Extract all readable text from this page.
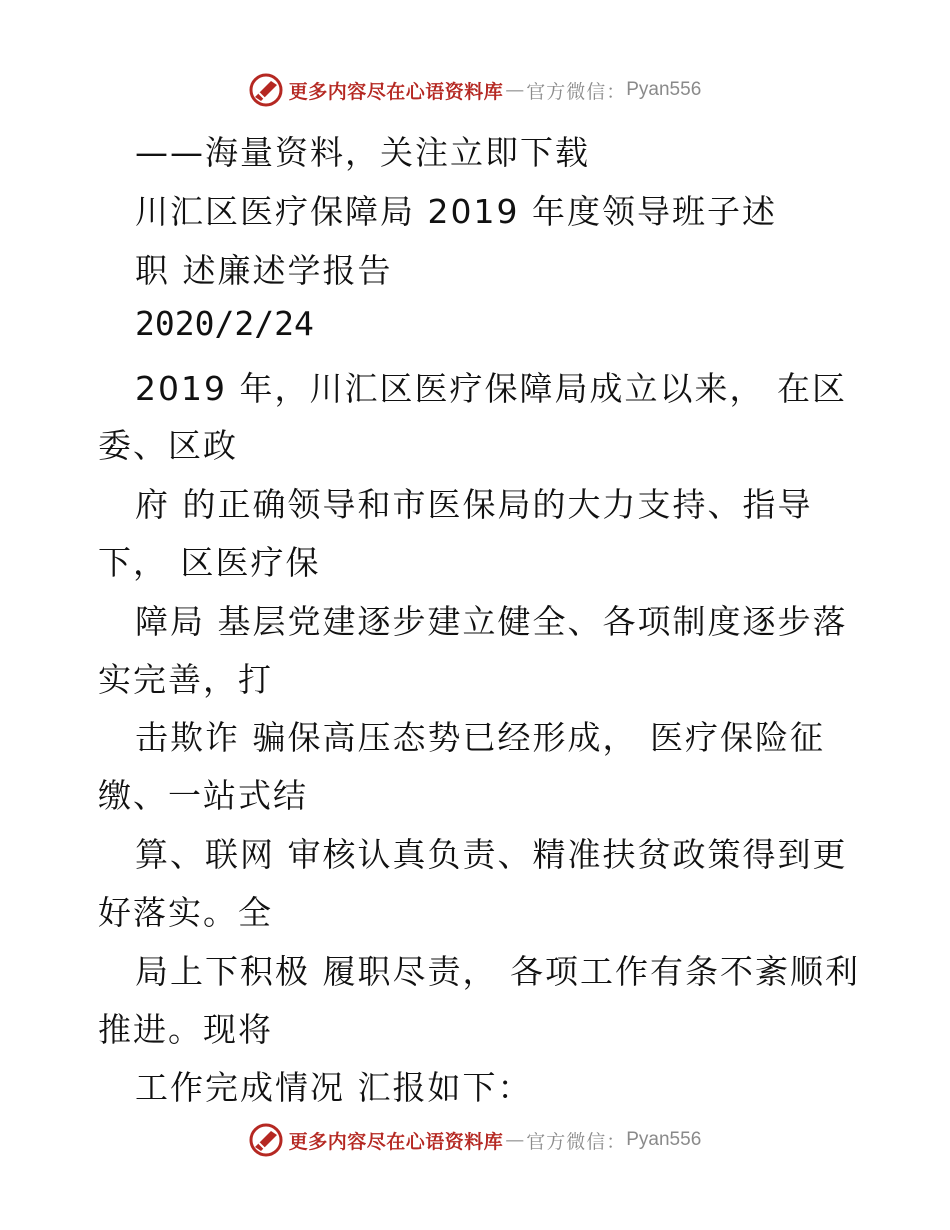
更多内容尽在心语资料库 — 官方微信： Pyan556
——海量资料，关注立即下载
川汇区医疗保障局 2019 年度领导班子述
职 述廉述学报告
2020/2/24
2019 年，川汇区医疗保障局成立以来， 在区
委、区政
府 的正确领导和市医保局的大力支持、指导
下， 区医疗保
障局 基层党建逐步建立健全、各项制度逐步落
实完善，打
击欺诈 骗保高压态势已经形成， 医疗保险征
缴、一站式结
算、联网 审核认真负责、精准扶贫政策得到更
好落实。全
局上下积极 履职尽责， 各项工作有条不紊顺利
推进。现将
工作完成情况 汇报如下：
更多内容尽在心语资料库 — 官方微信： Pyan556
